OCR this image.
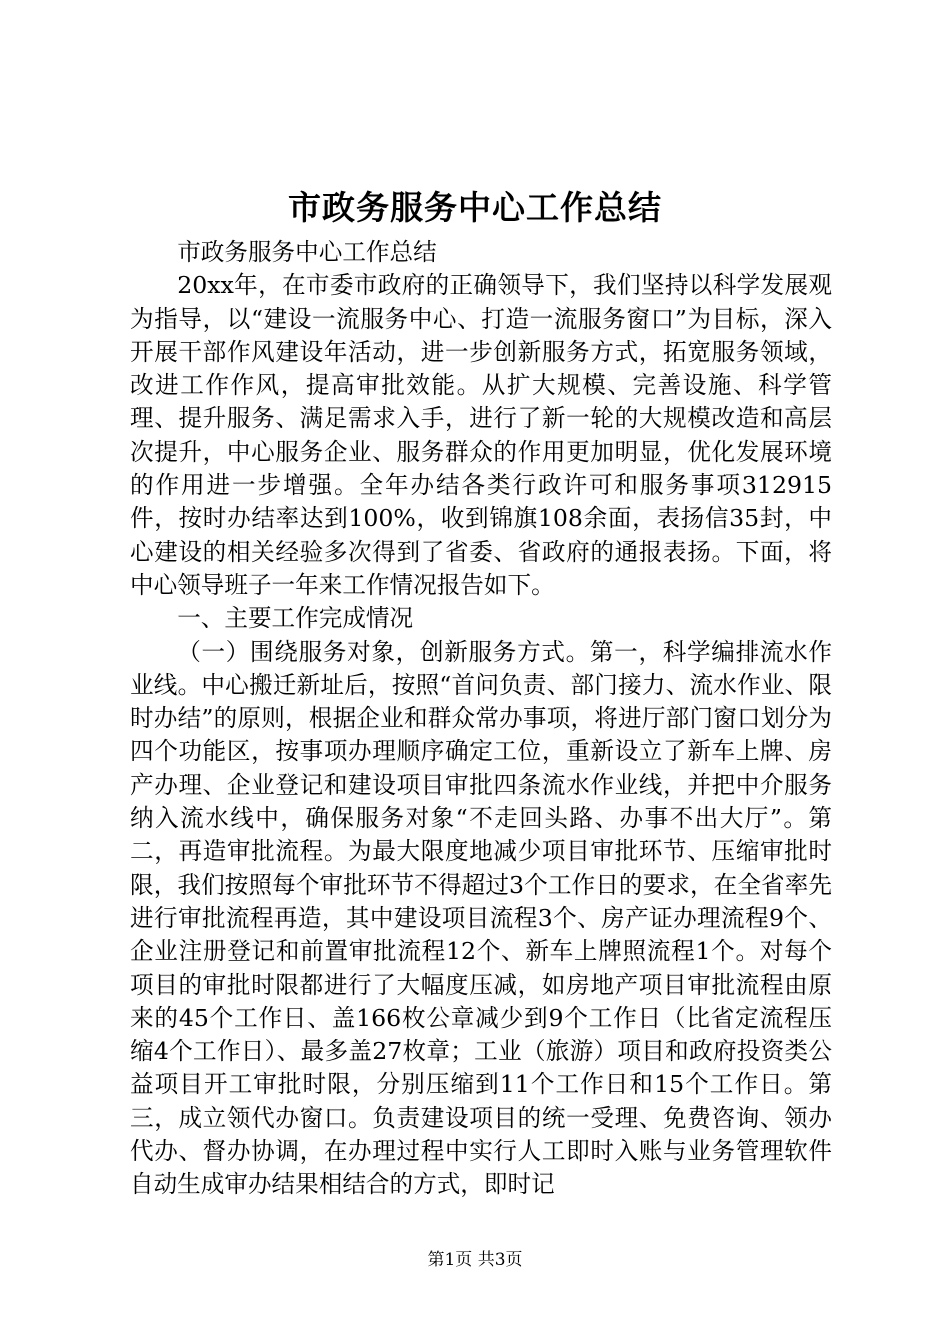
市政务服务中心工作总结

市政务服务中心工作总结

20xx年，在市委市政府的正确领导下，我们坚持以科学发展观为指导，以“建设一流服务中心、打造一流服务窗口”为目标，深入开展干部作风建设年活动，进一步创新服务方式，拓宽服务领域，改进工作作风，提高审批效能。从扩大规模、完善设施、科学管理、提升服务、满足需求入手，进行了新一轮的大规模改造和高层次提升，中心服务企业、服务群众的作用更加明显，优化发展环境的作用进一步增强。全年办结各类行政许可和服务事项312915件，按时办结率达到100%，收到锦旗108余面，表扬信35封，中心建设的相关经验多次得到了省委、省政府的通报表扬。下面，将中心领导班子一年来工作情况报告如下。

一、主要工作完成情况

（一）围绕服务对象，创新服务方式。第一，科学编排流水作业线。中心搬迁新址后，按照“首问负责、部门接力、流水作业、限时办结”的原则，根据企业和群众常办事项，将进厅部门窗口划分为四个功能区，按事项办理顺序确定工位，重新设立了新车上牌、房产办理、企业登记和建设项目审批四条流水作业线，并把中介服务纳入流水线中，确保服务对象“不走回头路、办事不出大厅”。第二，再造审批流程。为最大限度地减少项目审批环节、压缩审批时限，我们按照每个审批环节不得超过3个工作日的要求，在全省率先进行审批流程再造，其中建设项目流程3个、房产证办理流程9个、企业注册登记和前置审批流程12个、新车上牌照流程1个。对每个项目的审批时限都进行了大幅度压减，如房地产项目审批流程由原来的45个工作日、盖166枚公章减少到9个工作日（比省定流程压缩4个工作日）、最多盖27枚章；工业（旅游）项目和政府投资类公益项目开工审批时限，分别压缩到11个工作日和15个工作日。第三，成立领代办窗口。负责建设项目的统一受理、免费咨询、领办代办、督办协调，在办理过程中实行人工即时入账与业务管理软件自动生成审办结果相结合的方式，即时记

第1页 共3页
